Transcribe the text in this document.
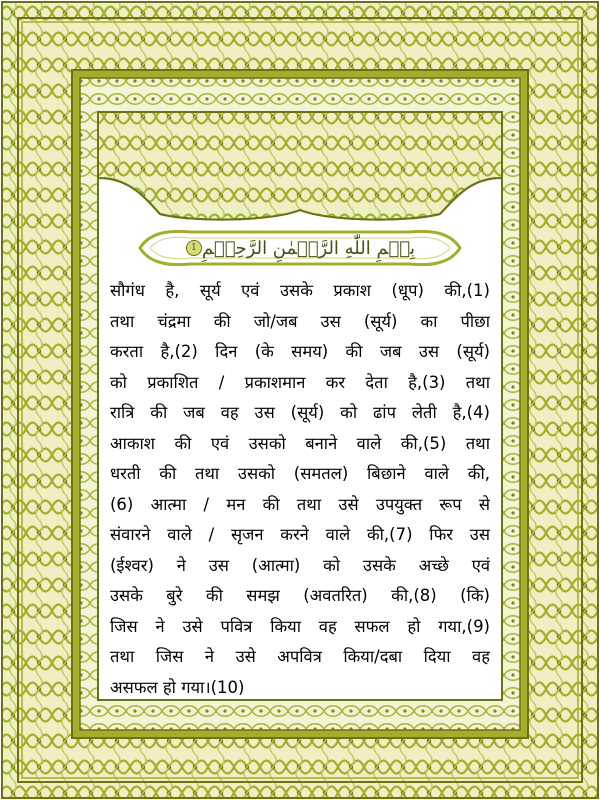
بِسۡمِ اللّٰهِ الرَّحۡمٰنِ الرَّحِيۡمِ
1
सौगंध है, सूर्य एवं उसके प्रकाश (धूप) की,(1)
तथा चंद्रमा की जो/जब उस (सूर्य) का पीछा
करता है,(2) दिन (के समय) की जब उस (सूर्य)
को प्रकाशित / प्रकाशमान कर देता है,(3) तथा
रात्रि की जब वह उस (सूर्य) को ढांप लेती है,(4)
आकाश की एवं उसको बनाने वाले की,(5) तथा
धरती की तथा उसको (समतल) बिछाने वाले की,
(6) आत्मा / मन की तथा उसे उपयुक्त रूप से
संवारने वाले / सृजन करने वाले की,(7) फिर उस
(ईश्वर) ने उस (आत्मा) को उसके अच्छे एवं
उसके बुरे की समझ (अवतरित) की,(8) (कि)
जिस ने उसे पवित्र किया वह सफल हो गया,(9)
तथा जिस ने उसे अपवित्र किया/दबा दिया वह
असफल हो गया।(10)
